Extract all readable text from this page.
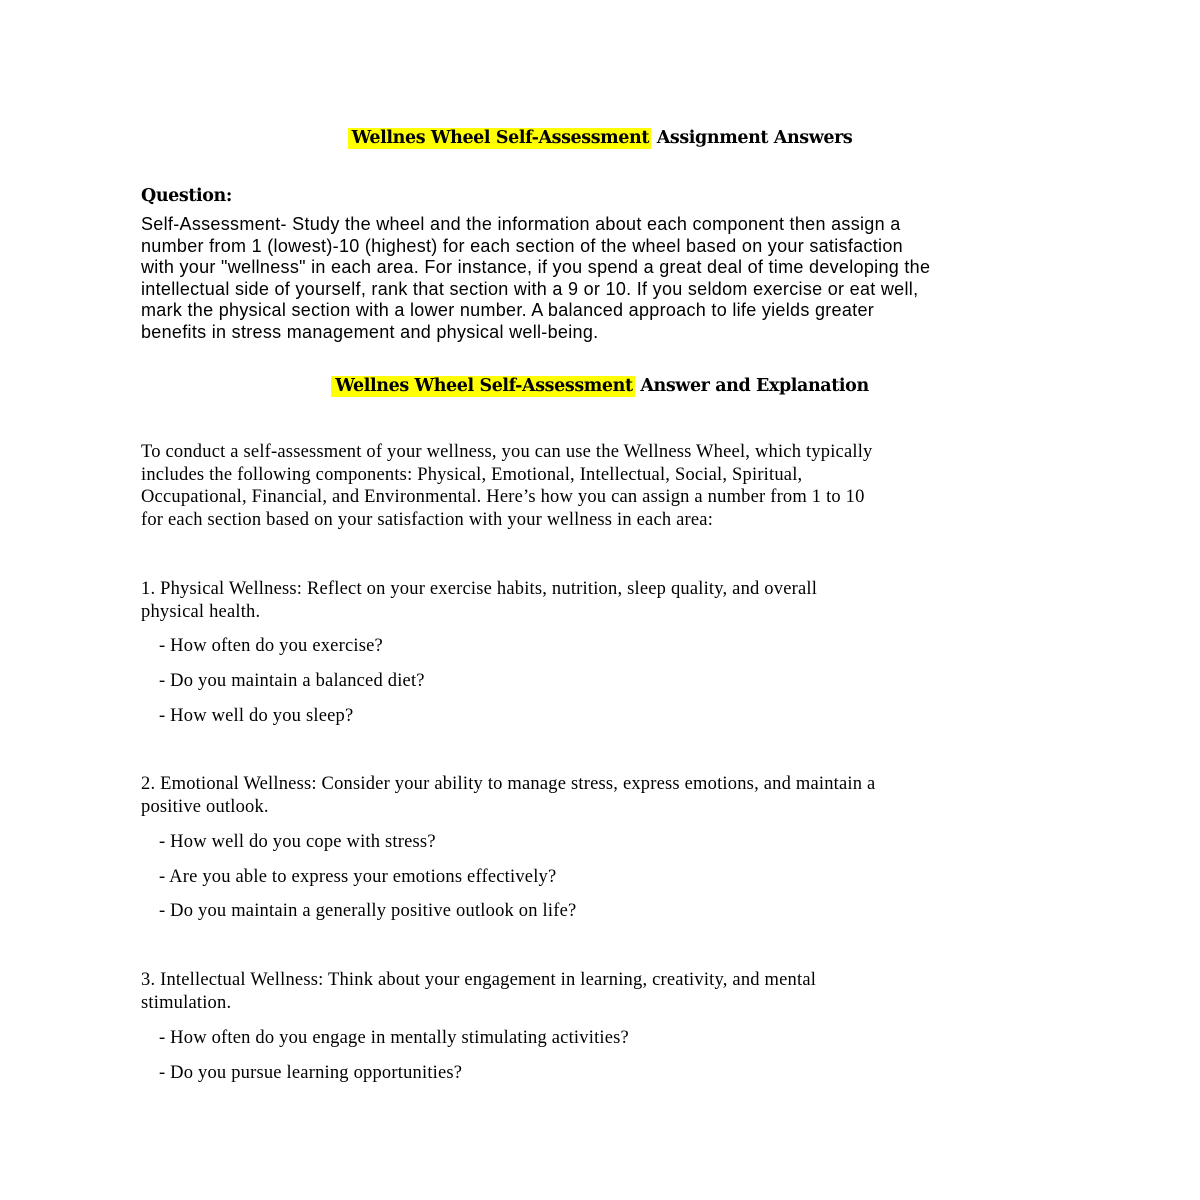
Wellnes Wheel Self-Assessment Assignment Answers
Question:
Self-Assessment- Study the wheel and the information about each component then assign a
number from 1 (lowest)-10 (highest) for each section of the wheel based on your satisfaction
with your "wellness" in each area. For instance, if you spend a great deal of time developing the
intellectual side of yourself, rank that section with a 9 or 10. If you seldom exercise or eat well,
mark the physical section with a lower number. A balanced approach to life yields greater
benefits in stress management and physical well-being.
Wellnes Wheel Self-Assessment Answer and Explanation
To conduct a self-assessment of your wellness, you can use the Wellness Wheel, which typically
includes the following components: Physical, Emotional, Intellectual, Social, Spiritual,
Occupational, Financial, and Environmental. Here’s how you can assign a number from 1 to 10
for each section based on your satisfaction with your wellness in each area:
1. Physical Wellness: Reflect on your exercise habits, nutrition, sleep quality, and overall
physical health.
- How often do you exercise?
- Do you maintain a balanced diet?
- How well do you sleep?
2. Emotional Wellness: Consider your ability to manage stress, express emotions, and maintain a
positive outlook.
- How well do you cope with stress?
- Are you able to express your emotions effectively?
- Do you maintain a generally positive outlook on life?
3. Intellectual Wellness: Think about your engagement in learning, creativity, and mental
stimulation.
- How often do you engage in mentally stimulating activities?
- Do you pursue learning opportunities?
